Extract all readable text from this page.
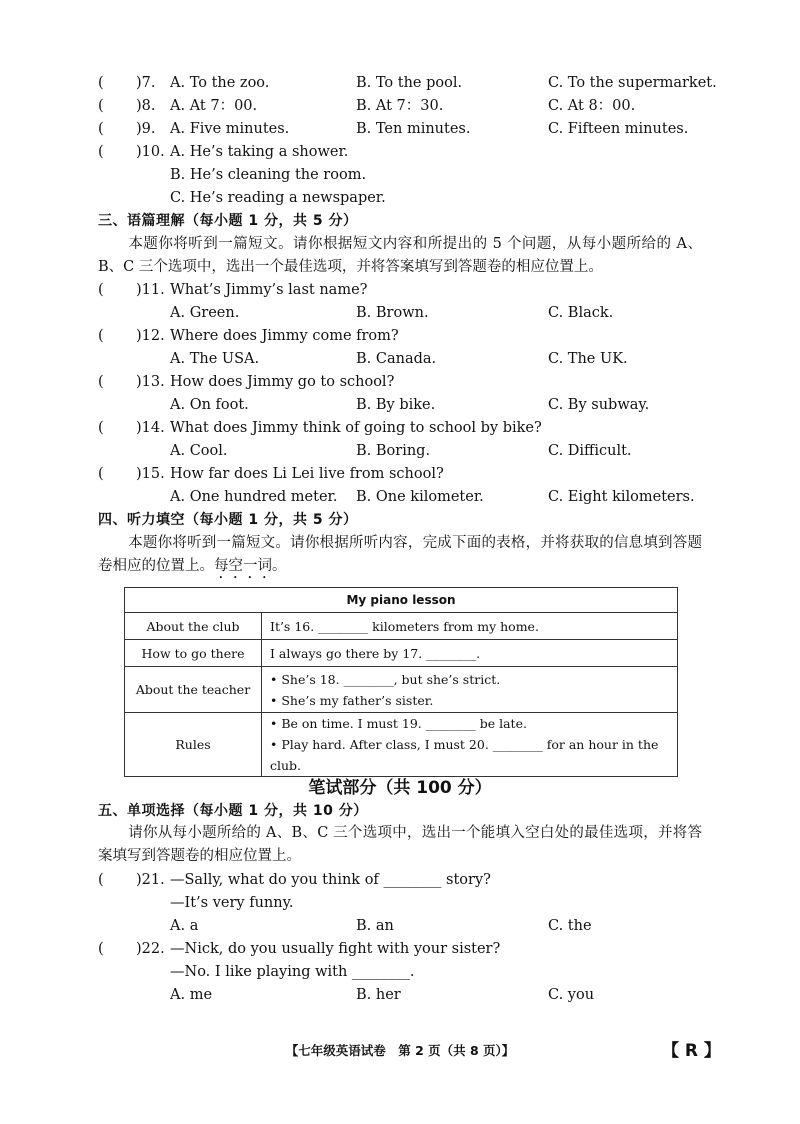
( )7. A. To the zoo.	B. To the pool.	C. To the supermarket.
( )8. A. At 7：00.	B. At 7：30.	C. At 8：00.
( )9. A. Five minutes.	B. Ten minutes.	C. Fifteen minutes.
( )10. A. He’s taking a shower.
B. He’s cleaning the room.
C. He’s reading a newspaper.
三、语篇理解（每小题 1 分，共 5 分）
本题你将听到一篇短文。请你根据短文内容和所提出的 5 个问题，从每小题所给的 A、B、C 三个选项中，选出一个最佳选项，并将答案填写到答题卷的相应位置上。
( )11. What’s Jimmy’s last name?
A. Green.	B. Brown.	C. Black.
( )12. Where does Jimmy come from?
A. The USA.	B. Canada.	C. The UK.
( )13. How does Jimmy go to school?
A. On foot.	B. By bike.	C. By subway.
( )14. What does Jimmy think of going to school by bike?
A. Cool.	B. Boring.	C. Difficult.
( )15. How far does Li Lei live from school?
A. One hundred meter. B. One kilometer.	C. Eight kilometers.
四、听力填空（每小题 1 分，共 5 分）
本题你将听到一篇短文。请你根据所听内容，完成下面的表格，并将获取的信息填到答题卷相应的位置上。每空一词。
My piano lesson	
About the club	It’s 16. ________ kilometers from my home.

How to go there	I always go there by 17. ________.

About the teacher	• She’s 18. ________, but she’s strict.
• She’s my father’s sister.

Rules	• Be on time. I must 19. ________ be late.
• Play hard. After class, I must 20. ________ for an hour in the club.
笔试部分（共 100 分）
五、单项选择（每小题 1 分，共 10 分）
请你从每小题所给的 A、B、C 三个选项中，选出一个能填入空白处的最佳选项，并将答案填写到答题卷的相应位置上。
( )21. —Sally, what do you think of ________ story?
—It’s very funny.
A. a	B. an	C. the
( )22. —Nick, do you usually fight with your sister?
—No. I like playing with ________.
A. me	B. her	C. you
【七年级英语试卷　第 2 页（共 8 页）】	【 R 】
